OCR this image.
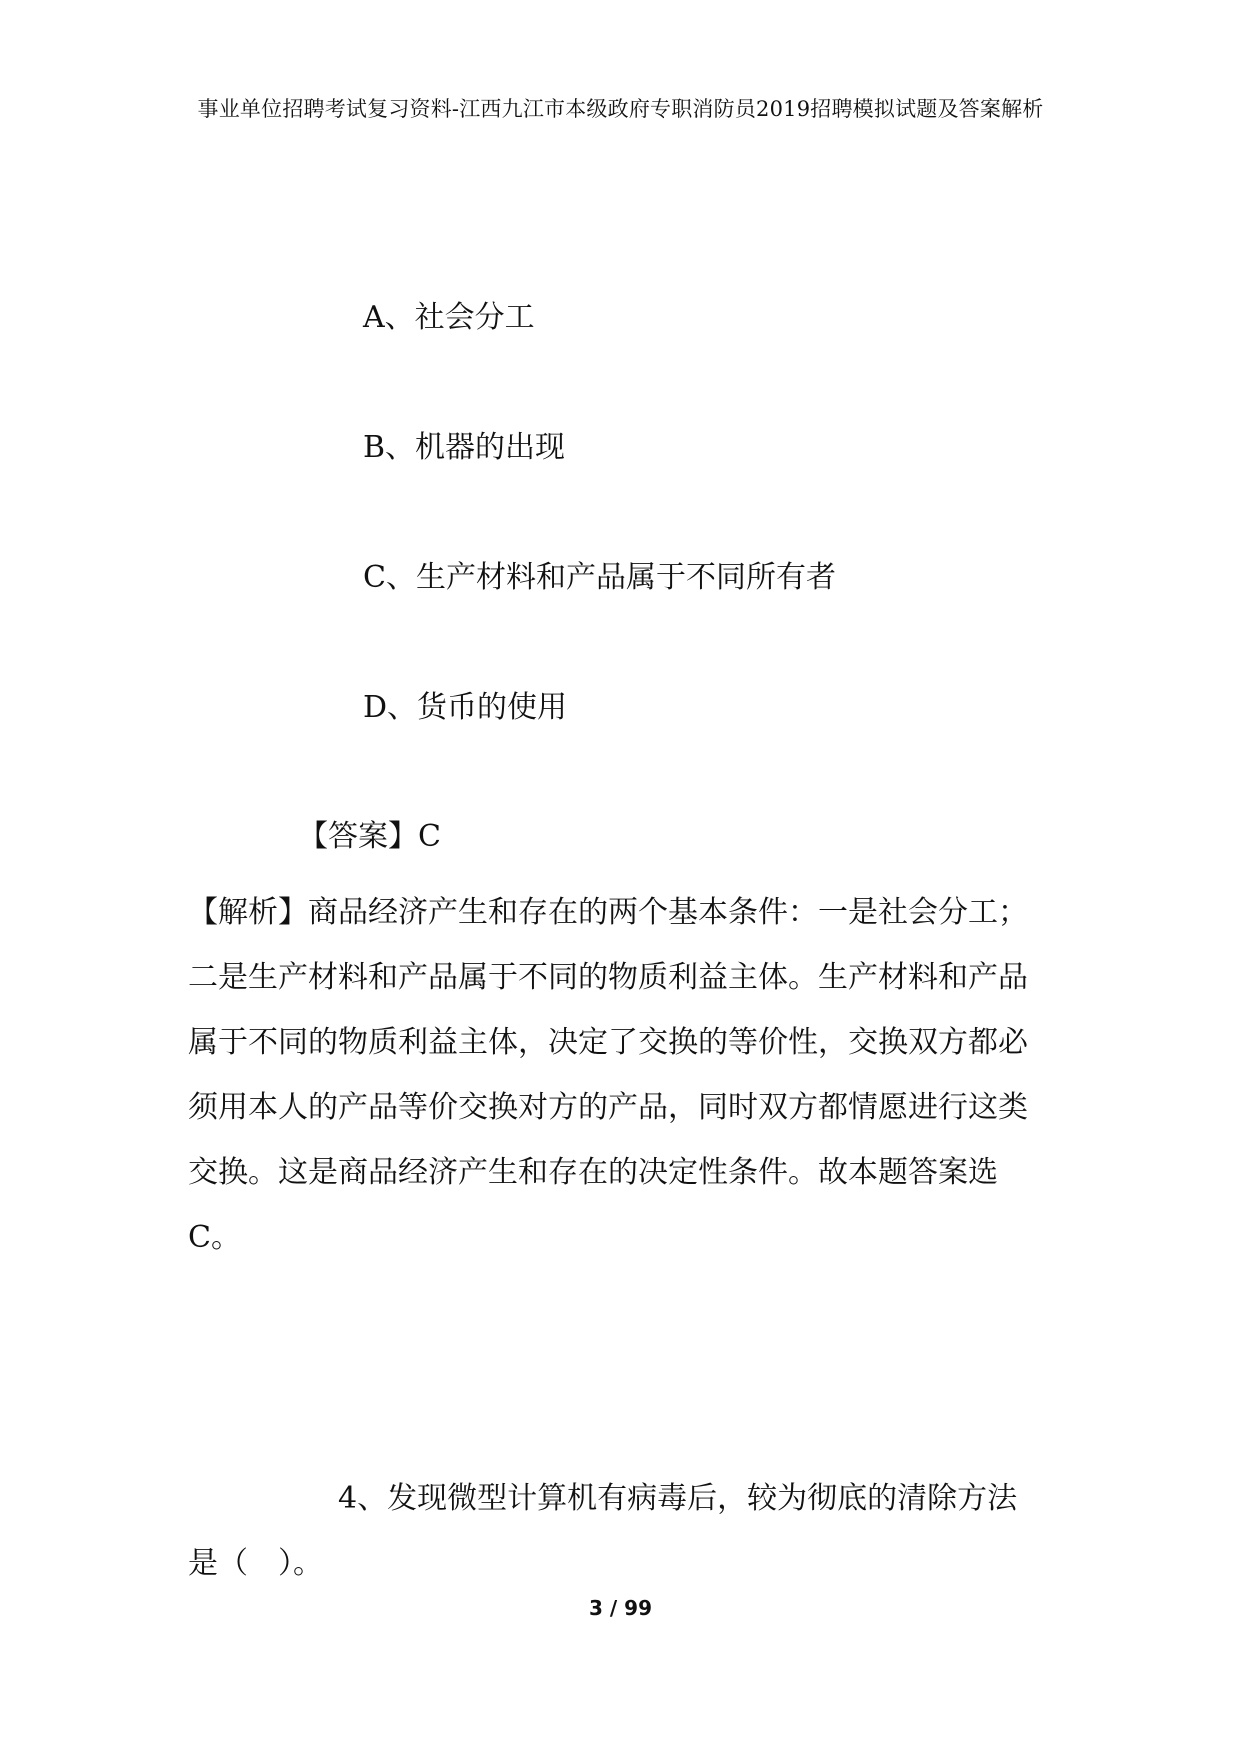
事业单位招聘考试复习资料-江西九江市本级政府专职消防员2019招聘模拟试题及答案解析
A、社会分工
B、机器的出现
C、生产材料和产品属于不同所有者
D、货币的使用
【答案】C
【解析】商品经济产生和存在的两个基本条件：一是社会分工；
二是生产材料和产品属于不同的物质利益主体。生产材料和产品
属于不同的物质利益主体，决定了交换的等价性，交换双方都必
须用本人的产品等价交换对方的产品，同时双方都情愿进行这类
交换。这是商品经济产生和存在的决定性条件。故本题答案选
C。
4、发现微型计算机有病毒后，较为彻底的清除方法
是（　）。
3 / 99
